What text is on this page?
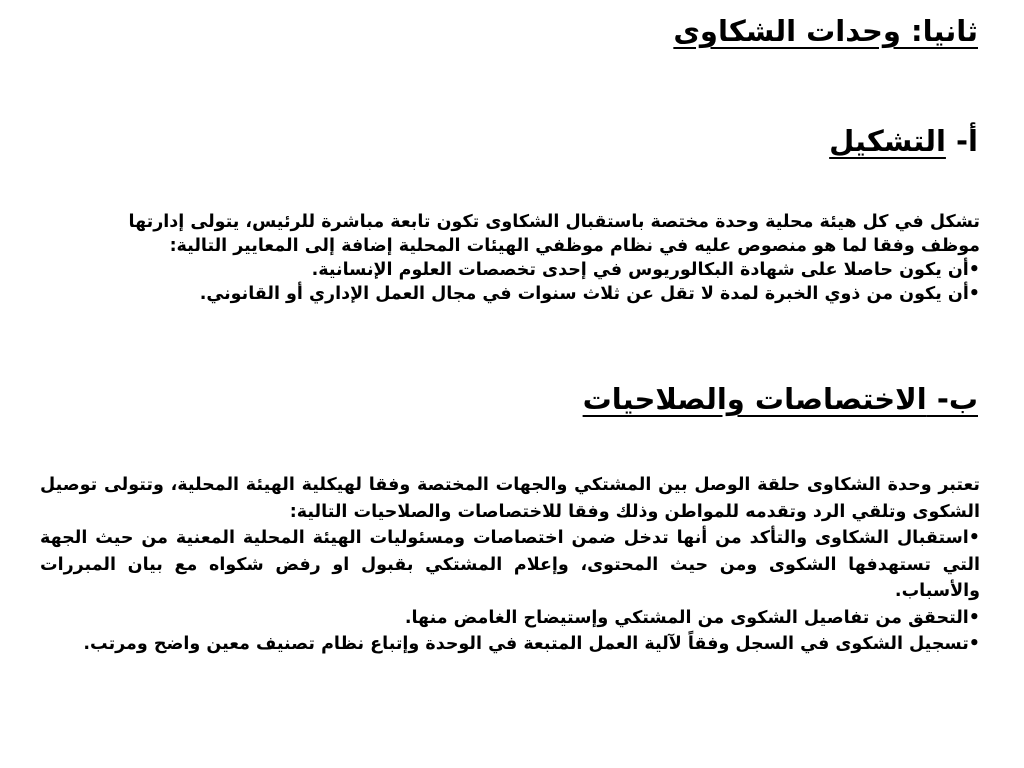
ثانيا: وحدات الشكاوى
أ- التشكيل
تشكل في كل هيئة محلية وحدة مختصة باستقبال الشكاوى تكون تابعة مباشرة للرئيس، يتولى إدارتها
موظف وفقا لما هو منصوص عليه في نظام موظفي الهيئات المحلية إضافة إلى المعايير التالية:
•أن يكون حاصلا على شهادة البكالوريوس في إحدى تخصصات العلوم الإنسانية.
•أن يكون من ذوي الخبرة لمدة لا تقل عن ثلاث سنوات في مجال العمل الإداري أو القانوني.
ب- الاختصاصات والصلاحيات
تعتبر وحدة الشكاوى حلقة الوصل بين المشتكي والجهات المختصة وفقا لهيكلية الهيئة المحلية، وتتولى توصيل الشكوى وتلقي الرد وتقدمه للمواطن وذلك وفقا للاختصاصات والصلاحيات التالية:
•استقبال الشكاوى والتأكد من أنها تدخل ضمن اختصاصات ومسئوليات الهيئة المحلية المعنية من حيث الجهة التي تستهدفها الشكوى ومن حيث المحتوى، وإعلام المشتكي بقبول او رفض شكواه مع بيان المبررات والأسباب.
•التحقق من تفاصيل الشكوى من المشتكي وإستيضاح الغامض منها.
•تسجيل الشكوى في السجل وفقاً لآلية العمل المتبعة في الوحدة وإتباع نظام تصنيف معين واضح ومرتب.
